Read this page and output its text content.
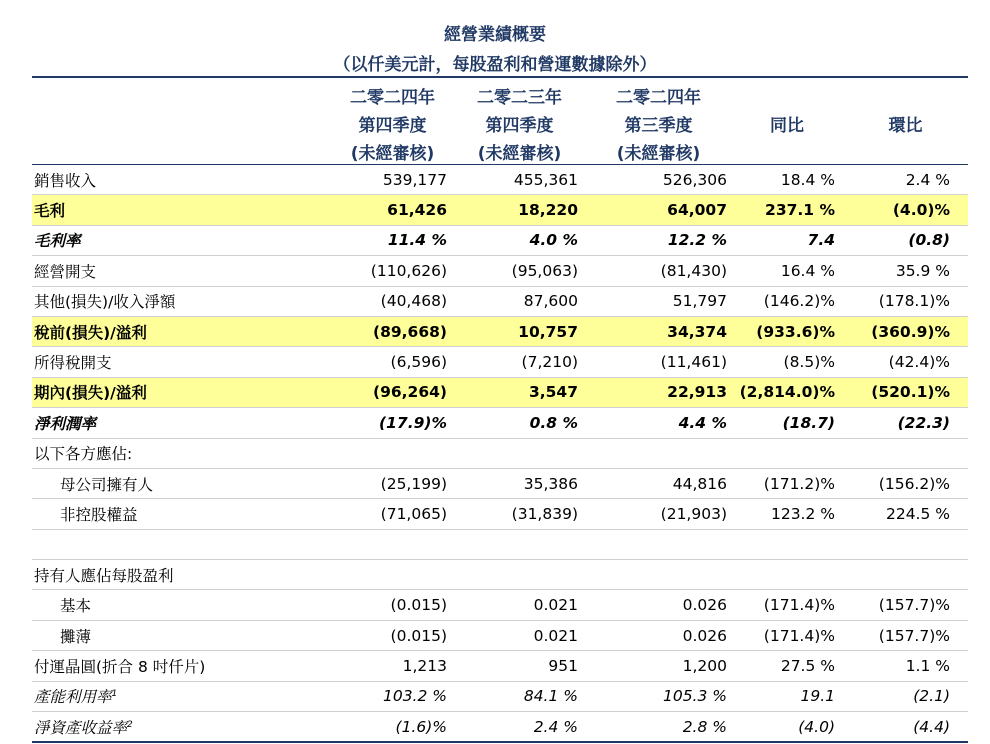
經營業績概要
（以仟美元計，每股盈利和營運數據除外）
	二零二四年	二零二三年	二零二四年		
	第四季度	第四季度	第三季度	同比	環比
	(未經審核)	(未經審核)	(未經審核)		
銷售收入	539,177	455,361	526,306	18.4 %	2.4 %
毛利	61,426	18,220	64,007	237.1 %	(4.0)%
毛利率	11.4 %	4.0 %	12.2 %	7.4	(0.8)
經營開支	(110,626)	(95,063)	(81,430)	16.4 %	35.9 %
其他(損失)/收入淨額	(40,468)	87,600	51,797	(146.2)%	(178.1)%
稅前(損失)/溢利	(89,668)	10,757	34,374	(933.6)%	(360.9)%
所得稅開支	(6,596)	(7,210)	(11,461)	(8.5)%	(42.4)%
期內(損失)/溢利	(96,264)	3,547	22,913	(2,814.0)%	(520.1)%
淨利潤率	(17.9)%	0.8 %	4.4 %	(18.7)	(22.3)
以下各方應佔:					
母公司擁有人	(25,199)	35,386	44,816	(171.2)%	(156.2)%
非控股權益	(71,065)	(31,839)	(21,903)	123.2 %	224.5 %

持有人應佔每股盈利					
基本	(0.015)	0.021	0.026	(171.4)%	(157.7)%
攤薄	(0.015)	0.021	0.026	(171.4)%	(157.7)%
付運晶圓(折合 8 吋仟片)	1,213	951	1,200	27.5 %	1.1 %
產能利用率$^1$	103.2 %	84.1 %	105.3 %	19.1	(2.1)
淨資產收益率$^2$	(1.6)%	2.4 %	2.8 %	(4.0)	(4.4)
